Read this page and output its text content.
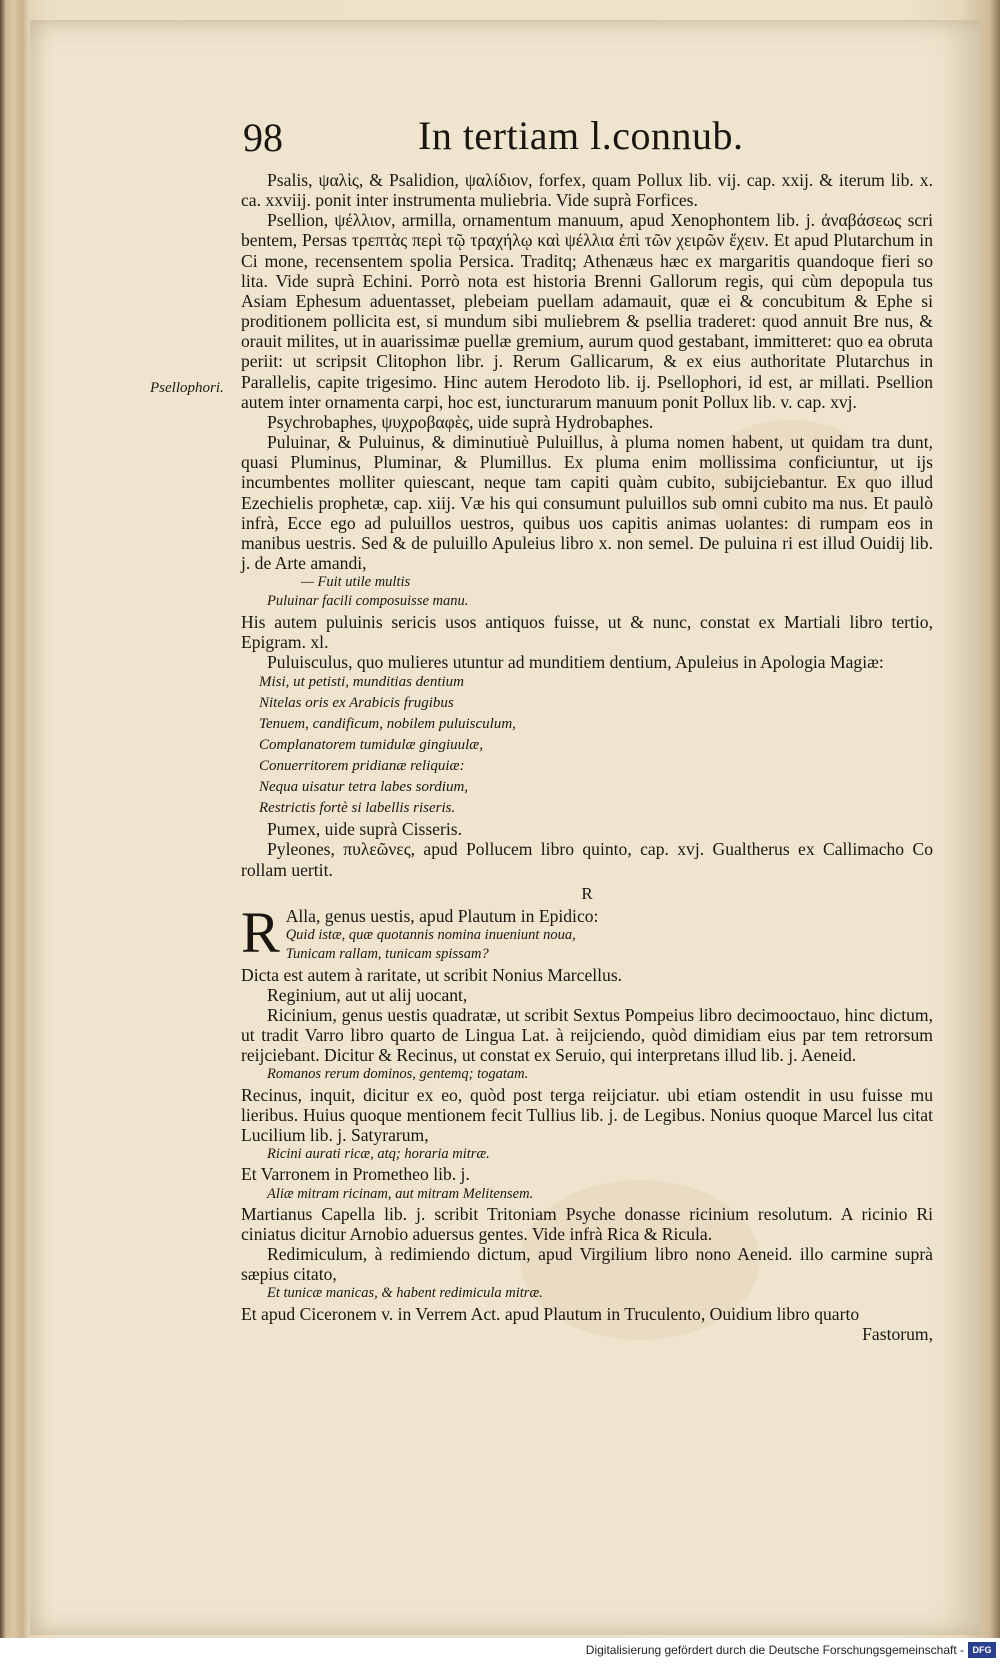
98	In tertiam l.connub.
Psellophori.

Psalis, ψαλὶς, & Psalidion, ψαλίδιον, forfex, quam Pollux lib. vij. cap. xxij. & iterum lib. x. ca. xxviij. ponit inter instrumenta muliebria. Vide suprà Forfices.

Psellion, ψέλλιον, armilla, ornamentum manuum, apud Xenophontem lib. j. ἀναβάσεως scri bentem, Persas τρεπτὰς περὶ τῷ τραχήλῳ καὶ ψέλλια ἐπὶ τῶν χειρῶν ἔχειν. Et apud Plutarchum in Ci mone, recensentem spolia Persica. Traditq; Athenæus hæc ex margaritis quandoque fieri so lita. Vide suprà Echini. Porrò nota est historia Brenni Gallorum regis, qui cùm depopula tus Asiam Ephesum aduentasset, plebeiam puellam adamauit, quæ ei & concubitum & Ephe si proditionem pollicita est, si mundum sibi muliebrem & psellia traderet: quod annuit Bre nus, & orauit milites, ut in auarissimæ puellæ gremium, aurum quod gestabant, immitteret: quo ea obruta periit: ut scripsit Clitophon libr. j. Rerum Gallicarum, & ex eius authoritate Plutarchus in Parallelis, capite trigesimo. Hinc autem Herodoto lib. ij. Psellophori, id est, ar millati. Psellion autem inter ornamenta carpi, hoc est, iuncturarum manuum ponit Pollux lib. v. cap. xvj.

Psychrobaphes, ψυχροβαφὲς, uide suprà Hydrobaphes.

Puluinar, & Puluinus, & diminutiuè Puluillus, à pluma nomen habent, ut quidam tra dunt, quasi Pluminus, Pluminar, & Plumillus. Ex pluma enim mollissima conficiuntur, ut ijs incumbentes molliter quiescant, neque tam capiti quàm cubito, subijciebantur. Ex quo illud Ezechielis prophetæ, cap. xiij. Væ his qui consumunt puluillos sub omni cubito ma nus. Et paulò infrà, Ecce ego ad puluillos uestros, quibus uos capitis animas uolantes: di rumpam eos in manibus uestris. Sed & de puluillo Apuleius libro x. non semel. De puluina ri est illud Ouidij lib. j. de Arte amandi,

— Fuit utile multis

Puluinar facili composuisse manu.

His autem puluinis sericis usos antiquos fuisse, ut & nunc, constat ex Martiali libro tertio, Epigram. xl.

Puluisculus, quo mulieres utuntur ad munditiem dentium, Apuleius in Apologia Magiæ:

Misi, ut petisti, munditias dentium

Nitelas oris ex Arabicis frugibus

Tenuem, candificum, nobilem puluisculum,

Complanatorem tumidulæ gingiuulæ,

Conuerritorem pridianæ reliquiæ:

Nequa uisatur tetra labes sordium,

Restrictis fortè si labellis riseris.

Pumex, uide suprà Cisseris.

Pyleones, πυλεῶνες, apud Pollucem libro quinto, cap. xvj. Gualtherus ex Callimacho Co rollam uertit.

R
R Alla, genus uestis, apud Plautum in Epidico:

Quid istæ, quæ quotannis nomina inueniunt noua,

Tunicam rallam, tunicam spissam?

Dicta est autem à raritate, ut scribit Nonius Marcellus.

Reginium, aut ut alij uocant,

Ricinium, genus uestis quadratæ, ut scribit Sextus Pompeius libro decimooctauo, hinc dictum, ut tradit Varro libro quarto de Lingua Lat. à reijciendo, quòd dimidiam eius par tem retrorsum reijciebant. Dicitur & Recinus, ut constat ex Seruio, qui interpretans illud lib. j. Aeneid.

Romanos rerum dominos, gentemq; togatam.

Recinus, inquit, dicitur ex eo, quòd post terga reijciatur. ubi etiam ostendit in usu fuisse mu lieribus. Huius quoque mentionem fecit Tullius lib. j. de Legibus. Nonius quoque Marcel lus citat Lucilium lib. j. Satyrarum,

Ricini aurati ricæ, atq; horaria mitræ.

Et Varronem in Prometheo lib. j.

Aliæ mitram ricinam, aut mitram Melitensem.

Martianus Capella lib. j. scribit Tritoniam Psyche donasse ricinium resolutum. A ricinio Ri ciniatus dicitur Arnobio aduersus gentes. Vide infrà Rica & Ricula.

Redimiculum, à redimiendo dictum, apud Virgilium libro nono Aeneid. illo carmine suprà sæpius citato,

Et tunicæ manicas, & habent redimicula mitræ.

Et apud Ciceronem v. in Verrem Act. apud Plautum in Truculento, Ouidium libro quarto

Fastorum,

Digitalisierung gefördert durch die Deutsche Forschungsgemeinschaft - DFG
